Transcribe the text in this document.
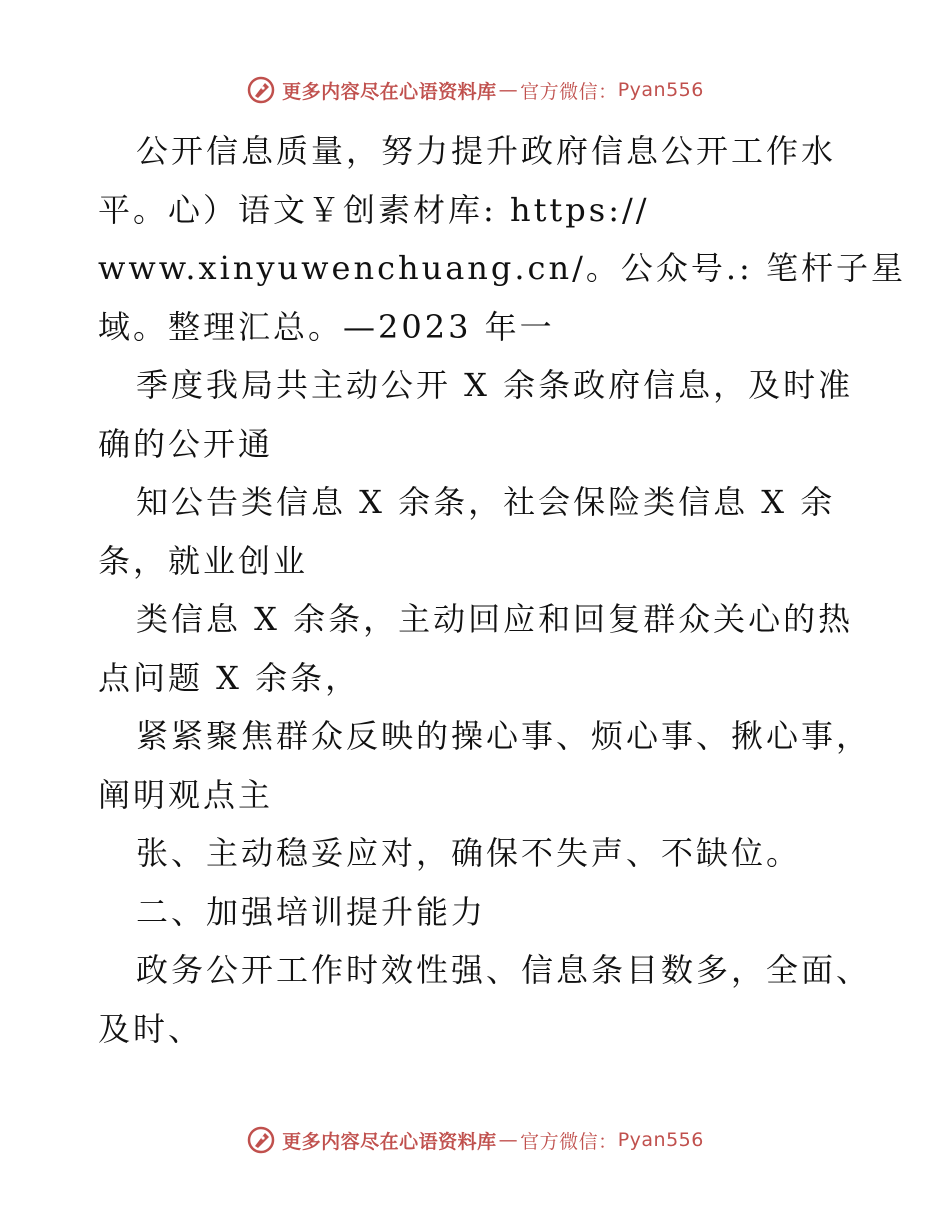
更多内容尽在心语资料库 — 官方微信： Pyan556

公开信息质量，努力提升政府信息公开工作水

平。心）语文￥创素材库: https://

www.xinyuwenchuang.cn/。公众号.: 笔杆子星

域。整理汇总。—2023 年一

季度我局共主动公开 X 余条政府信息，及时准

确的公开通

知公告类信息 X 余条，社会保险类信息 X 余

条，就业创业

类信息 X 余条，主动回应和回复群众关心的热

点问题 X 余条，

紧紧聚焦群众反映的操心事、烦心事、揪心事，

阐明观点主

张、主动稳妥应对，确保不失声、不缺位。

二、加强培训提升能力

政务公开工作时效性强、信息条目数多，全面、

及时、

更多内容尽在心语资料库 — 官方微信： Pyan556
